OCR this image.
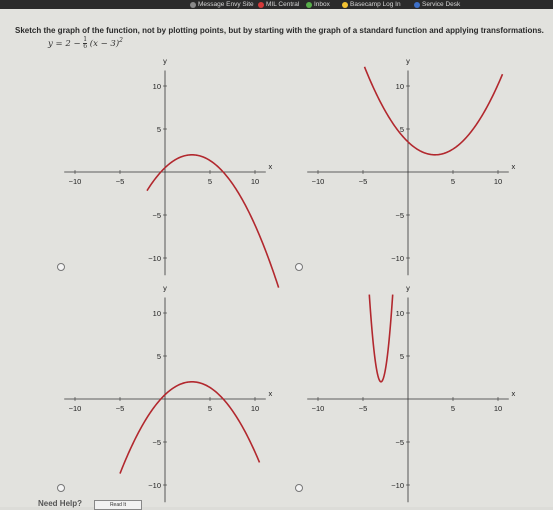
Message Envy Site MIL Central Inbox	Basecamp Log In	Service Desk
Sketch the graph of the function, not by plotting points, but by starting with the graph of a standard function and applying transformations.
$y = 2 - \frac{1}{6} (x - 3)^2$
−10	−5	5	10
10
5
−5
−10
x
y
−10	−5	5	10
10
5
−5
−10
x
y
−10	−5	5	10
10
5
−5
−10
x
y
−10	−5	5	10
10
5
−5
−10
x
y
Need Help?	Read It
